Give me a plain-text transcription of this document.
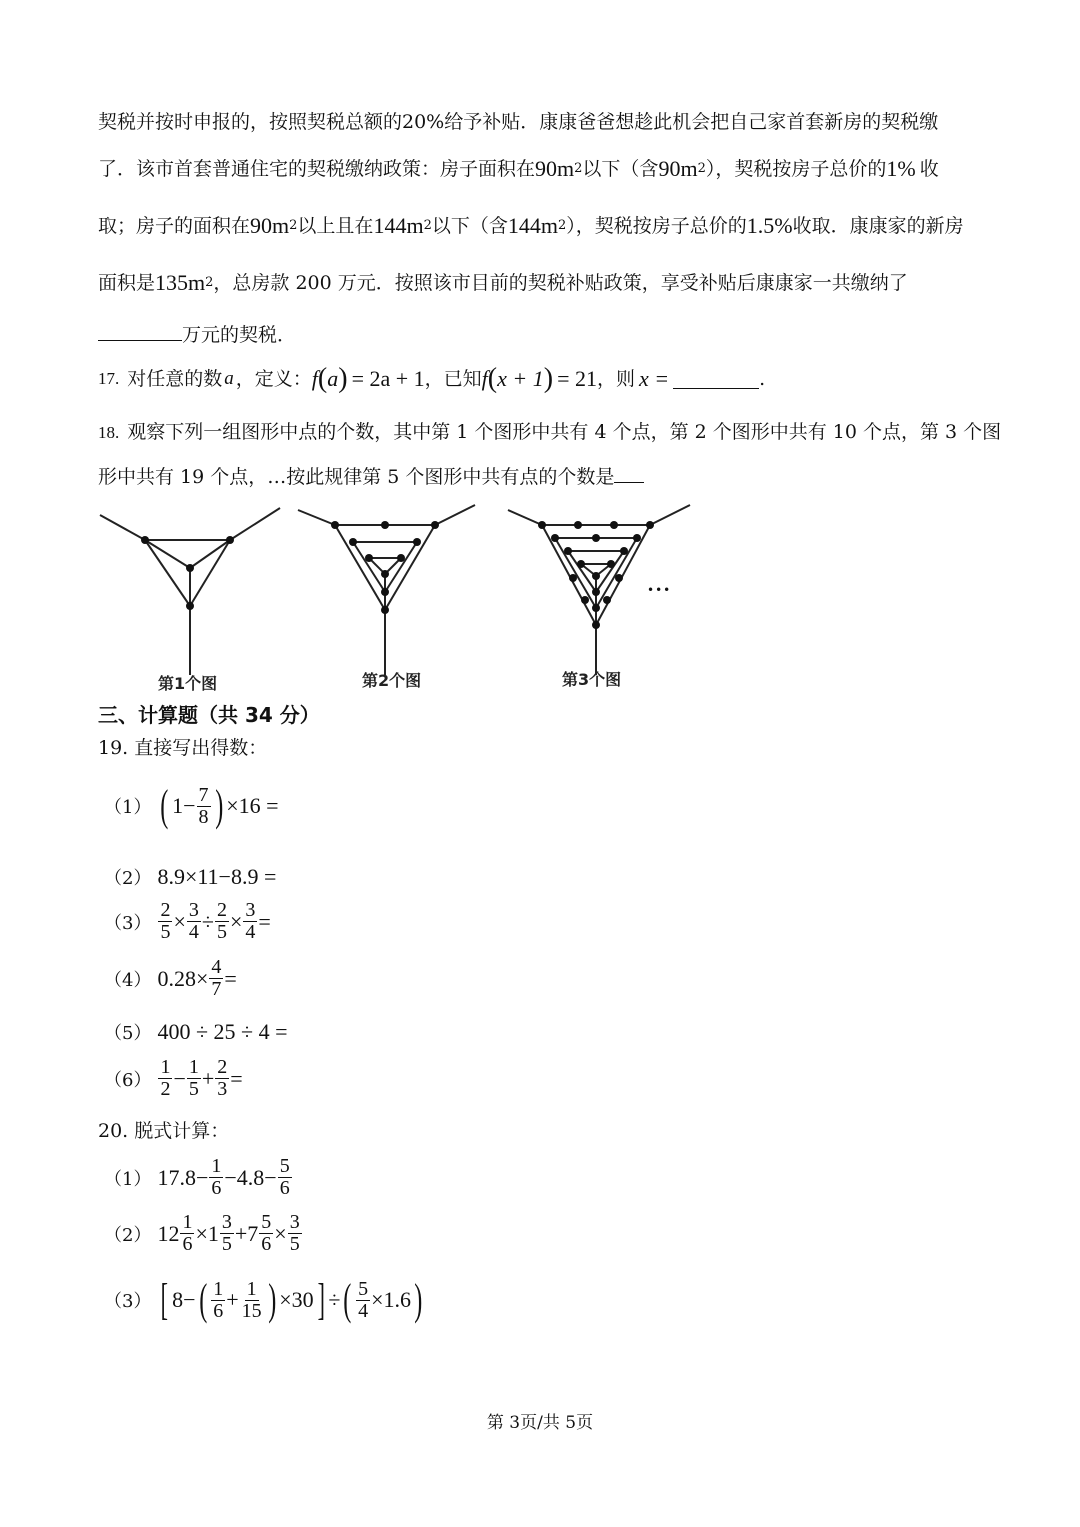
契税并按时申报的，按照契税总额的20%给予补贴．康康爸爸想趁此机会把自己家首套新房的契税缴
了．该市首套普通住宅的契税缴纳政策：房子面积在 90m 2 以下（含 90m 2 ），契税按房子总价的 1% 收
取；房子的面积在 90m 2 以上且在 144m 2 以下（含 144m 2 ），契税按房子总价的 1.5% 收取．康康家的新房
面积是 135m 2 ，总房款 200 万元．按照该市目前的契税补贴政策，享受补贴后康康家一共缴纳了
万元的契税．
17. 对任意的数 a ，定义： f ( a ) = 2a + 1 ，已知 f ( x + 1 ) = 21 ，则 x =	.
18. 观察下列一组图形中点的个数，其中第 1 个图形中共有 4 个点，第 2 个图形中共有 10 个点，第 3 个图
形中共有 19 个点，…按此规律第 5 个图形中共有点的个数是
•••
第1个图	第2个图	第3个图
三、计算题（共 34 分）
19. 直接写出得数：
（1） ( $1- \frac{7}{8}$ ) ×16 =
（2） 8.9×11−8.9 =
$(3) \frac{2}{5} \times \frac{3}{4} \div \frac{2}{5} \times \frac{3}{4}$ =
（4） $0.28\times \frac{4}{7}$ =
（5） 400 ÷ 25 ÷ 4 =
$(6) \frac{1}{2} - \frac{1}{5} + \frac{2}{3}$ =
20. 脱式计算：
（1） $17.8- \frac{1}{6} -4.8- \frac{5}{6}$
（2） $12 \frac{1}{6} \times 1 \frac{3}{5} +7 \frac{5}{6} \times \frac{3}{5}$
（3） [ 8− ( $\frac{1}{6} + \frac{1}{15}$ ) ×30 ] ÷ ( $\frac{5}{4} \times 1.6$ )
第 3页/共 5页
